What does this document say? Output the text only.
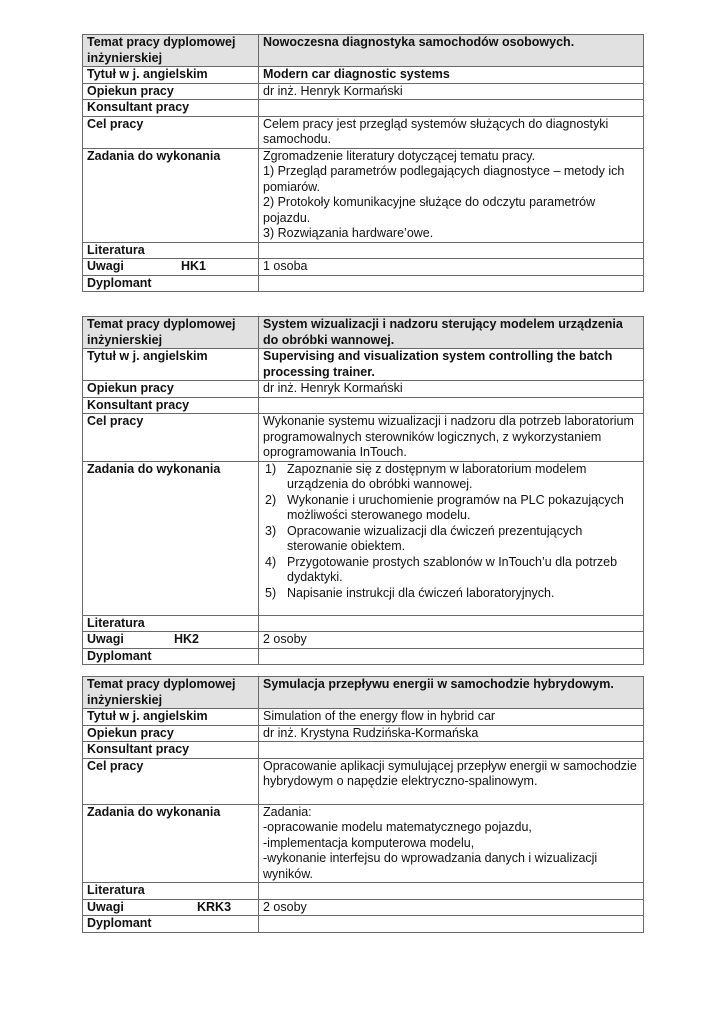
Temat pracy dyplomowej inżynierskiej	Nowoczesna diagnostyka samochodów osobowych.
Tytuł w j. angielskim	Modern car diagnostic systems
Opiekun pracy	dr inż. Henryk Kormański
Konsultant pracy	
Cel pracy	Celem pracy jest przegląd systemów służących do diagnostyki samochodu.
Zadania do wykonania	Zgromadzenie literatury dotyczącej tematu pracy.
1) Przegląd parametrów podlegających diagnostyce – metody ich pomiarów.
2) Protokoły komunikacyjne służące do odczytu parametrów pojazdu.
3) Rozwiązania hardware’owe.

Literatura	
Uwagi HK1	1 osoba
Dyplomant	
Temat pracy dyplomowej inżynierskiej	System wizualizacji i nadzoru sterujący modelem urządzenia do obróbki wannowej.
Tytuł w j. angielskim	Supervising and visualization system controlling the batch processing trainer.
Opiekun pracy	dr inż. Henryk Kormański
Konsultant pracy	
Cel pracy	Wykonanie systemu wizualizacji i nadzoru dla potrzeb laboratorium programowalnych sterowników logicznych, z wykorzystaniem oprogramowania InTouch.
Zadania do wykonania	1) Zapoznanie się z dostępnym w laboratorium modelem urządzenia do obróbki wannowej.
2) Wykonanie i uruchomienie programów na PLC pokazujących możliwości sterowanego modelu.
3) Opracowanie wizualizacji dla ćwiczeń prezentujących sterowanie obiektem.
4) Przygotowanie prostych szablonów w InTouch’u dla potrzeb dydaktyki.
5) Napisanie instrukcji dla ćwiczeń laboratoryjnych.

Literatura	
Uwagi HK2	2 osoby
Dyplomant	
Temat pracy dyplomowej inżynierskiej	Symulacja przepływu energii w samochodzie hybrydowym.
Tytuł w j. angielskim	Simulation of the energy flow in hybrid car
Opiekun pracy	dr inż. Krystyna Rudzińska-Kormańska
Konsultant pracy	
Cel pracy	Opracowanie aplikacji symulującej przepływ energii w samochodzie hybrydowym o napędzie elektryczno-spalinowym.
Zadania do wykonania	Zadania:
-opracowanie modelu matematycznego pojazdu,
-implementacja komputerowa modelu,
-wykonanie interfejsu do wprowadzania danych i wizualizacji wyników.

Literatura	
Uwagi KRK3	2 osoby
Dyplomant	
